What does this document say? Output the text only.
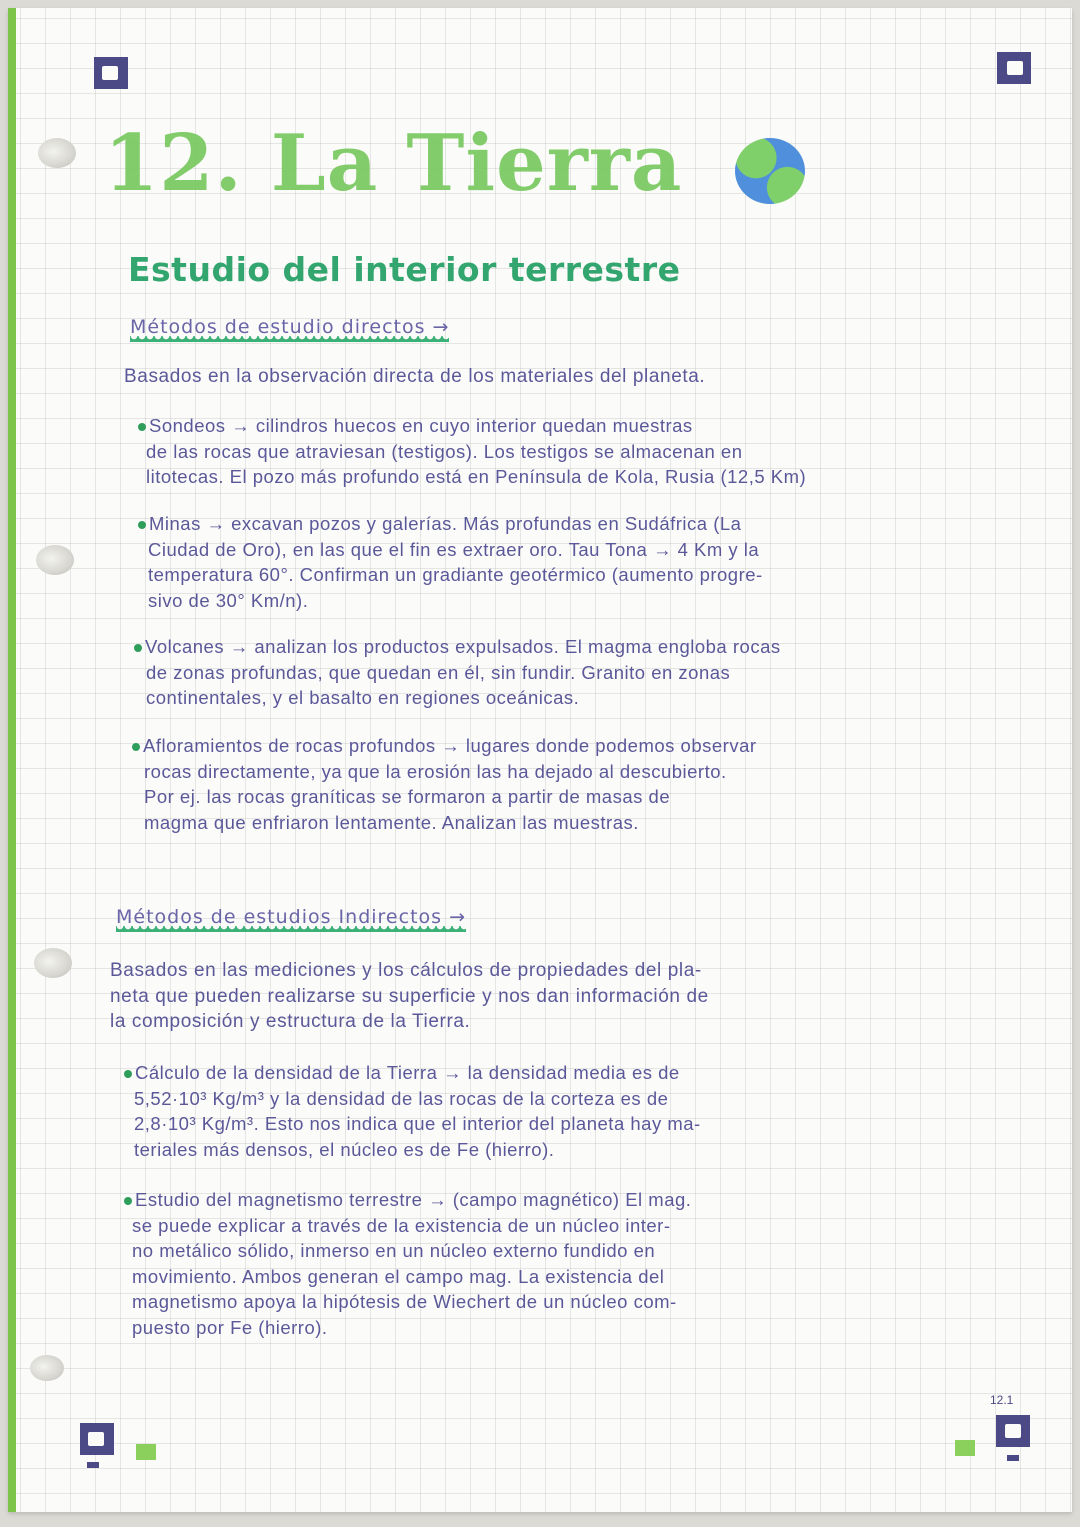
12.1
12. La Tierra
Estudio del interior terrestre
Métodos de estudio directos →
Basados en la observación directa de los materiales del planeta.
Sondeos → cilindros huecos en cuyo interior quedan muestras
de las rocas que atraviesan (testigos). Los testigos se almacenan en
litotecas. El pozo más profundo está en Península de Kola, Rusia (12,5 Km)
Minas → excavan pozos y galerías. Más profundas en Sudáfrica (La
Ciudad de Oro), en las que el fin es extraer oro. Tau Tona → 4 Km y la
temperatura 60°. Confirman un gradiante geotérmico (aumento progre-
sivo de 30° Km/n).
Volcanes → analizan los productos expulsados. El magma engloba rocas
de zonas profundas, que quedan en él, sin fundir. Granito en zonas
continentales, y el basalto en regiones oceánicas.
Afloramientos de rocas profundos → lugares donde podemos observar
rocas directamente, ya que la erosión las ha dejado al descubierto.
Por ej. las rocas graníticas se formaron a partir de masas de
magma que enfriaron lentamente. Analizan las muestras.
Métodos de estudios Indirectos →
Basados en las mediciones y los cálculos de propiedades del pla-
neta que pueden realizarse su superficie y nos dan información de
la composición y estructura de la Tierra.
Cálculo de la densidad de la Tierra → la densidad media es de
5,52·10³ Kg/m³ y la densidad de las rocas de la corteza es de
2,8·10³ Kg/m³. Esto nos indica que el interior del planeta hay ma-
teriales más densos, el núcleo es de Fe (hierro).
Estudio del magnetismo terrestre → (campo magnético) El mag.
se puede explicar a través de la existencia de un núcleo inter-
no metálico sólido, inmerso en un núcleo externo fundido en
movimiento. Ambos generan el campo mag. La existencia del
magnetismo apoya la hipótesis de Wiechert de un núcleo com-
puesto por Fe (hierro).
